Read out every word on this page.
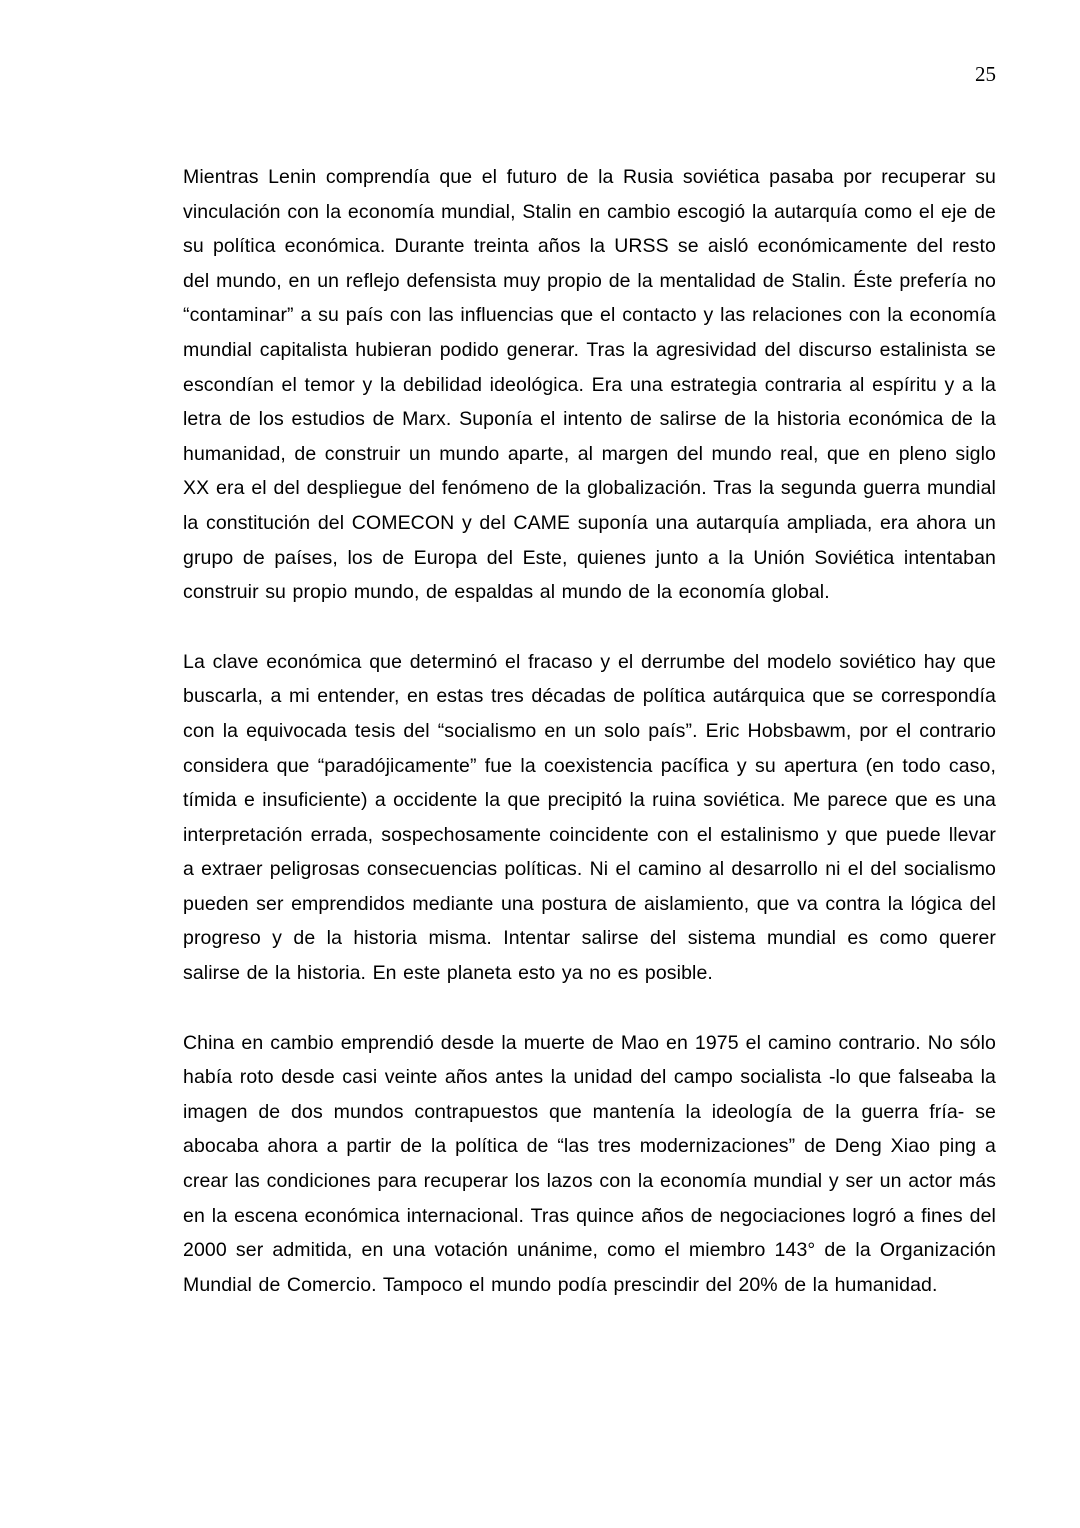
25

Mientras Lenin comprendía que el futuro de la Rusia soviética pasaba por recuperar su vinculación con la economía mundial, Stalin en cambio escogió la autarquía como el eje de su política económica. Durante treinta años la URSS se aisló económicamente del resto del mundo, en un reflejo defensista muy propio de la mentalidad de Stalin. Éste prefería no “contaminar” a su país con las influencias que el contacto y las relaciones con la economía mundial capitalista hubieran podido generar. Tras la agresividad del discurso estalinista se escondían el temor y la debilidad ideológica. Era una estrategia contraria al espíritu y a la letra de los estudios de Marx. Suponía el intento de salirse de la historia económica de la humanidad, de construir un mundo aparte, al margen del mundo real, que en pleno siglo XX era el del despliegue del fenómeno de la globalización. Tras la segunda guerra mundial la constitución del COMECON y del CAME suponía una autarquía ampliada, era ahora un grupo de países, los de Europa del Este, quienes junto a la Unión Soviética intentaban construir su propio mundo, de espaldas al mundo de la economía global.

La clave económica que determinó el fracaso y el derrumbe del modelo soviético hay que buscarla, a mi entender, en estas tres décadas de política autárquica que se correspondía con la equivocada tesis del “socialismo en un solo país”. Eric Hobsbawm, por el contrario considera que “paradójicamente” fue la coexistencia pacífica y su apertura (en todo caso, tímida e insuficiente) a occidente la que precipitó la ruina soviética. Me parece que es una interpretación errada, sospechosamente coincidente con el estalinismo y que puede llevar a extraer peligrosas consecuencias políticas. Ni el camino al desarrollo ni el del socialismo pueden ser emprendidos mediante una postura de aislamiento, que va contra la lógica del progreso y de la historia misma. Intentar salirse del sistema mundial es como querer salirse de la historia. En este planeta esto ya no es posible.

China en cambio emprendió desde la muerte de Mao en 1975 el camino contrario. No sólo había roto desde casi veinte años antes la unidad del campo socialista -lo que falseaba la imagen de dos mundos contrapuestos que mantenía la ideología de la guerra fría- se abocaba ahora a partir de la política de “las tres modernizaciones” de Deng Xiao ping a crear las condiciones para recuperar los lazos con la economía mundial y ser un actor más en la escena económica internacional. Tras quince años de negociaciones logró a fines del 2000 ser admitida, en una votación unánime, como el miembro 143° de la Organización Mundial de Comercio. Tampoco el mundo podía prescindir del 20% de la humanidad.
